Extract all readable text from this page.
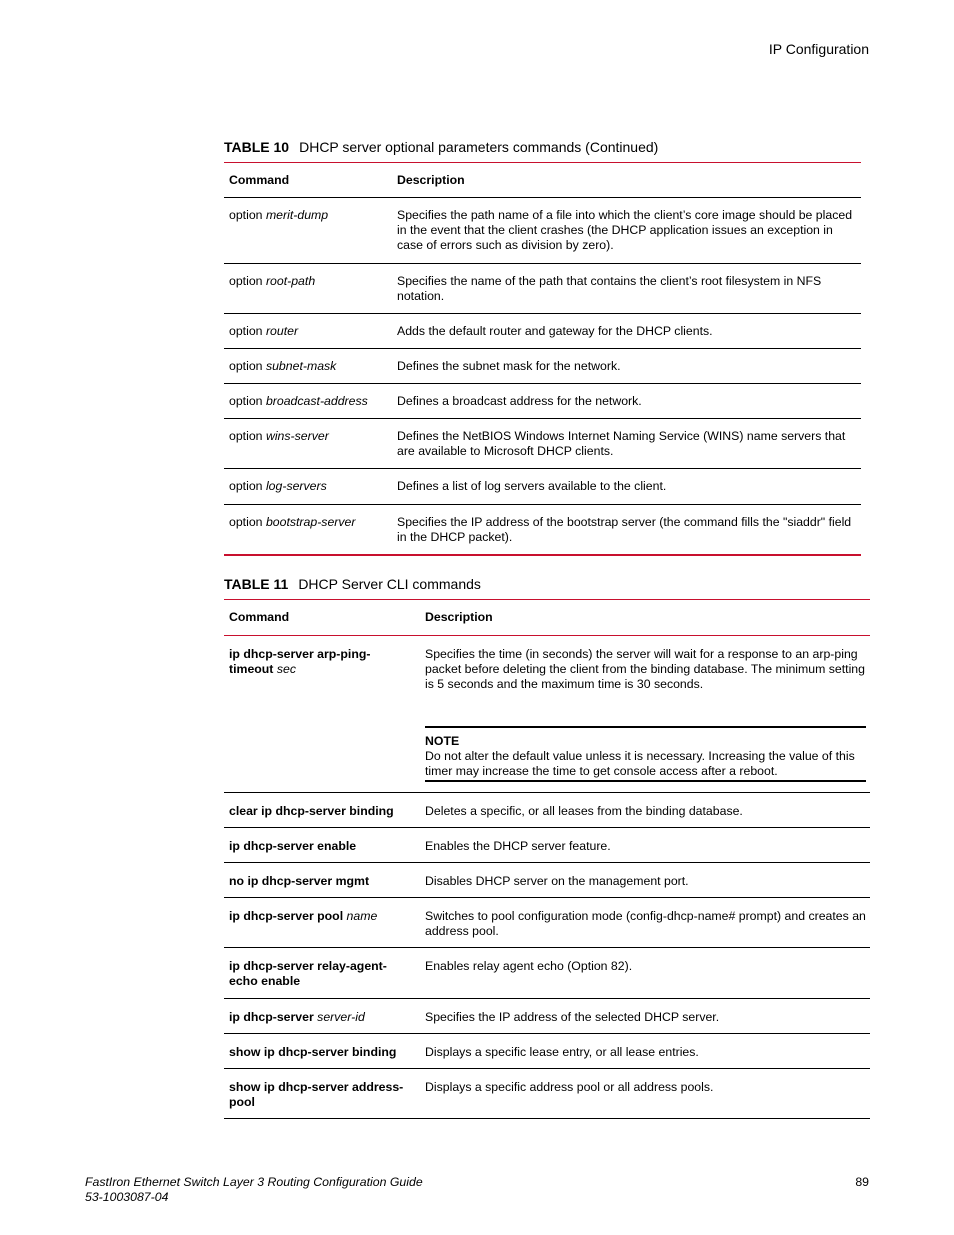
IP Configuration
TABLE 10 DHCP server optional parameters commands (Continued)
Command	Description
option merit-dump	Specifies the path name of a file into which the client’s core image should be placed in the event that the client crashes (the DHCP application issues an exception in case of errors such as division by zero).
option root-path	Specifies the name of the path that contains the client’s root filesystem in NFS notation.
option router	Adds the default router and gateway for the DHCP clients.
option subnet-mask	Defines the subnet mask for the network.
option broadcast-address	Defines a broadcast address for the network.
option wins-server	Defines the NetBIOS Windows Internet Naming Service (WINS) name servers that are available to Microsoft DHCP clients.
option log-servers	Defines a list of log servers available to the client.
option bootstrap-server	Specifies the IP address of the bootstrap server (the command fills the "siaddr" field in the DHCP packet).
TABLE 11 DHCP Server CLI commands
Command	Description
ip dhcp-server arp-ping-timeout sec	Specifies the time (in seconds) the server will wait for a response to an arp-ping packet before deleting the client from the binding database. The minimum setting is 5 seconds and the maximum time is 30 seconds.
NOTE
Do not alter the default value unless it is necessary. Increasing the value of this timer may increase the time to get console access after a reboot.

clear ip dhcp-server binding	Deletes a specific, or all leases from the binding database.
ip dhcp-server enable	Enables the DHCP server feature.
no ip dhcp-server mgmt	Disables DHCP server on the management port.
ip dhcp-server pool name	Switches to pool configuration mode (config-dhcp-name# prompt) and creates an address pool.
ip dhcp-server relay-agent-echo enable	Enables relay agent echo (Option 82).
ip dhcp-server server-id	Specifies the IP address of the selected DHCP server.
show ip dhcp-server binding	Displays a specific lease entry, or all lease entries.
show ip dhcp-server address-pool	Displays a specific address pool or all address pools.
FastIron Ethernet Switch Layer 3 Routing Configuration Guide
53-1003087-04
89
